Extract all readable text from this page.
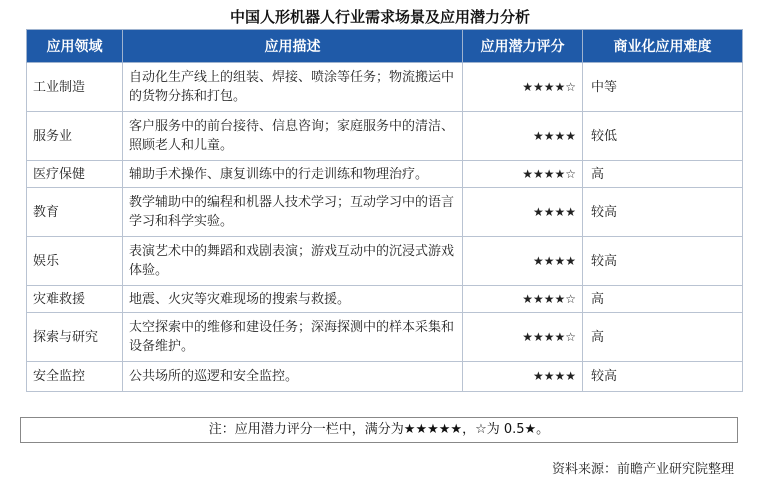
中国人形机器人行业需求场景及应用潜力分析
应用领域	应用描述	应用潜力评分	商业化应用难度
工业制造	自动化生产线上的组装、焊接、喷涂等任务；物流搬运中的货物分拣和打包。	★★★★☆	中等
服务业	客户服务中的前台接待、信息咨询；家庭服务中的清洁、照顾老人和儿童。	★★★★	较低
医疗保健	辅助手术操作、康复训练中的行走训练和物理治疗。	★★★★☆	高
教育	教学辅助中的编程和机器人技术学习；互动学习中的语言学习和科学实验。	★★★★	较高
娱乐	表演艺术中的舞蹈和戏剧表演；游戏互动中的沉浸式游戏体验。	★★★★	较高
灾难救援	地震、火灾等灾难现场的搜索与救援。	★★★★☆	高
探索与研究	太空探索中的维修和建设任务；深海探测中的样本采集和设备维护。	★★★★☆	高
安全监控	公共场所的巡逻和安全监控。	★★★★	较高
注：应用潜力评分一栏中，满分为★★★★★，☆为 0.5★。
资料来源：前瞻产业研究院整理
